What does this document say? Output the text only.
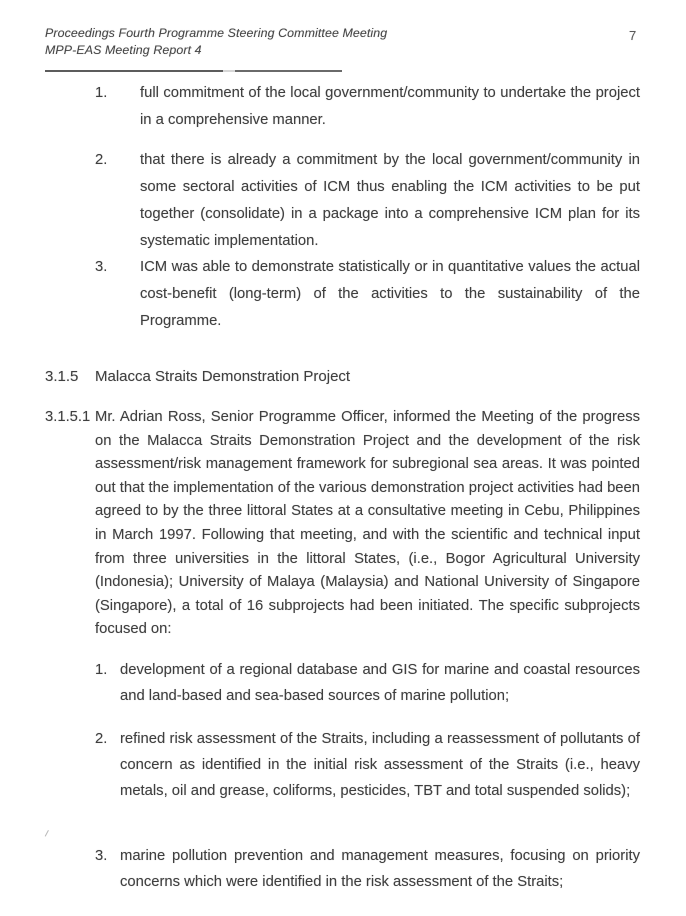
Proceedings Fourth Programme Steering Committee Meeting
MPP-EAS Meeting Report 4
7
1.	full commitment of the local government/community to undertake the project in a comprehensive manner.
2.	that there is already a commitment by the local government/community in some sectoral activities of ICM thus enabling the ICM activities to be put together (consolidate) in a package into a comprehensive ICM plan for its systematic implementation.
3.	ICM was able to demonstrate statistically or in quantitative values the actual cost-benefit (long-term) of the activities to the sustainability of the Programme.
3.1.5	Malacca Straits Demonstration Project
3.1.5.1 Mr. Adrian Ross, Senior Programme Officer, informed the Meeting of the progress on the Malacca Straits Demonstration Project and the development of the risk assessment/risk management framework for subregional sea areas. It was pointed out that the implementation of the various demonstration project activities had been agreed to by the three littoral States at a consultative meeting in Cebu, Philippines in March 1997. Following that meeting, and with the scientific and technical input from three universities in the littoral States, (i.e., Bogor Agricultural University (Indonesia); University of Malaya (Malaysia) and National University of Singapore (Singapore), a total of 16 subprojects had been initiated. The specific subprojects focused on:
1. development of a regional database and GIS for marine and coastal resources and land-based and sea-based sources of marine pollution;
2. refined risk assessment of the Straits, including a reassessment of pollutants of concern as identified in the initial risk assessment of the Straits (i.e., heavy metals, oil and grease, coliforms, pesticides, TBT and total suspended solids);
3. marine pollution prevention and management measures, focusing on priority concerns which were identified in the risk assessment of the Straits;
